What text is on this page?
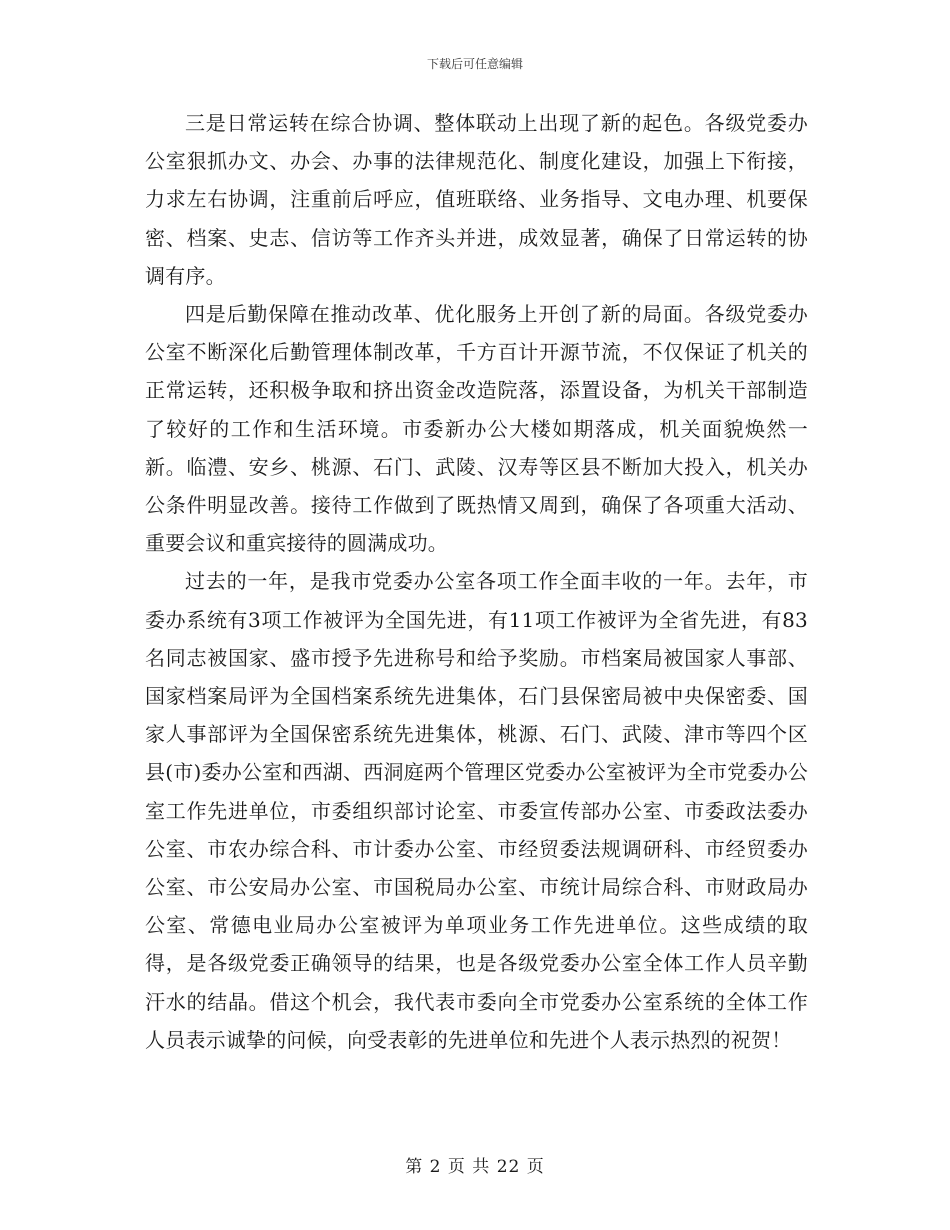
下载后可任意编辑

三是日常运转在综合协调、整体联动上出现了新的起色。各级党委办公室狠抓办文、办会、办事的法律规范化、制度化建设，加强上下衔接，力求左右协调，注重前后呼应，值班联络、业务指导、文电办理、机要保密、档案、史志、信访等工作齐头并进，成效显著，确保了日常运转的协调有序。

四是后勤保障在推动改革、优化服务上开创了新的局面。各级党委办公室不断深化后勤管理体制改革，千方百计开源节流，不仅保证了机关的正常运转，还积极争取和挤出资金改造院落，添置设备，为机关干部制造了较好的工作和生活环境。市委新办公大楼如期落成，机关面貌焕然一新。临澧、安乡、桃源、石门、武陵、汉寿等区县不断加大投入，机关办公条件明显改善。接待工作做到了既热情又周到，确保了各项重大活动、重要会议和重宾接待的圆满成功。

过去的一年，是我市党委办公室各项工作全面丰收的一年。去年，市委办系统有3项工作被评为全国先进，有11项工作被评为全省先进，有83名同志被国家、盛市授予先进称号和给予奖励。市档案局被国家人事部、国家档案局评为全国档案系统先进集体，石门县保密局被中央保密委、国家人事部评为全国保密系统先进集体，桃源、石门、武陵、津市等四个区县(市)委办公室和西湖、西洞庭两个管理区党委办公室被评为全市党委办公室工作先进单位，市委组织部讨论室、市委宣传部办公室、市委政法委办公室、市农办综合科、市计委办公室、市经贸委法规调研科、市经贸委办公室、市公安局办公室、市国税局办公室、市统计局综合科、市财政局办公室、常德电业局办公室被评为单项业务工作先进单位。这些成绩的取得，是各级党委正确领导的结果，也是各级党委办公室全体工作人员辛勤汗水的结晶。借这个机会，我代表市委向全市党委办公室系统的全体工作人员表示诚挚的问候，向受表彰的先进单位和先进个人表示热烈的祝贺！

第 2 页 共 22 页
